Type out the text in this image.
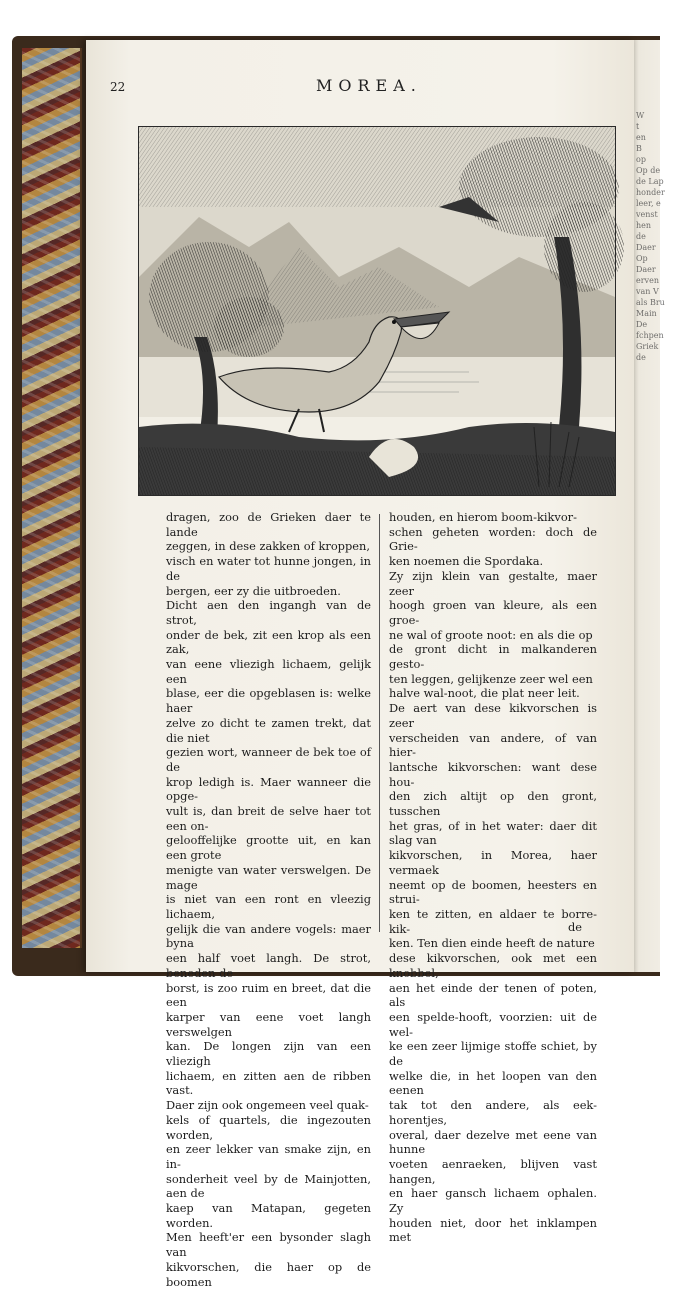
W
t
en
B
op
Op de
de Lap
honder
leer, e
venst
hen
de
Daer
Op
Daer
erven
van V
als Bru
Main
De
fchpen
Griek
de
22	MOREA.

dragen, zoo de Grieken daer te lande
zeggen, in dese zakken of kroppen,
visch en water tot hunne jongen, in de
bergen, eer zy die uitbroeden.
Dicht aen den ingangh van de strot,
onder de bek, zit een krop als een zak,
van eene vliezigh lichaem, gelijk een
blase, eer die opgeblasen is: welke haer
zelve zo dicht te zamen trekt, dat die niet
gezien wort, wanneer de bek toe of de
krop ledigh is. Maer wanneer die opge-
vult is, dan breit de selve haer tot een on-
gelooffelijke grootte uit, en kan een grote
menigte van water verswelgen. De mage
is niet van een ront en vleezig lichaem,
gelijk die van andere vogels: maer byna
een half voet langh. De strot, beneden de
borst, is zoo ruim en breet, dat die een
karper van eene voet langh verswelgen
kan. De longen zijn van een vliezigh
lichaem, en zitten aen de ribben vast.
Daer zijn ook ongemeen veel quak-
kels of quartels, die ingezouten worden,
en zeer lekker van smake zijn, en in-
sonderheit veel by de Mainjotten, aen de
kaep van Matapan, gegeten worden.
Men heeft'er een bysonder slagh van
kikvorschen, die haer op de boomen

houden, en hierom boom-kikvor-
schen geheten worden: doch de Grie-
ken noemen die Spordaka.
Zy zijn klein van gestalte, maer zeer
hoogh groen van kleure, als een groe-
ne wal of groote noot: en als die op
de gront dicht in malkanderen gesto-
ten leggen, gelijkenze zeer wel een
halve wal-noot, die plat neer leit.
De aert van dese kikvorschen is zeer
verscheiden van andere, of van hier-
lantsche kikvorschen: want dese hou-
den zich altijt op den gront, tusschen
het gras, of in het water: daer dit slag van
kikvorschen, in Morea, haer vermaek
neemt op de boomen, heesters en strui-
ken te zitten, en aldaer te borre-kik-
ken. Ten dien einde heeft de nature
dese kikvorschen, ook met een knobbel,
aen het einde der tenen of poten, als
een spelde-hooft, voorzien: uit de wel-
ke een zeer lijmige stoffe schiet, by de
welke die, in het loopen van den eenen
tak tot den andere, als eek-horentjes,
overal, daer dezelve met eene van hunne
voeten aenraeken, blijven vast hangen,
en haer gansch lichaem ophalen. Zy
houden niet, door het inklampen met

de
